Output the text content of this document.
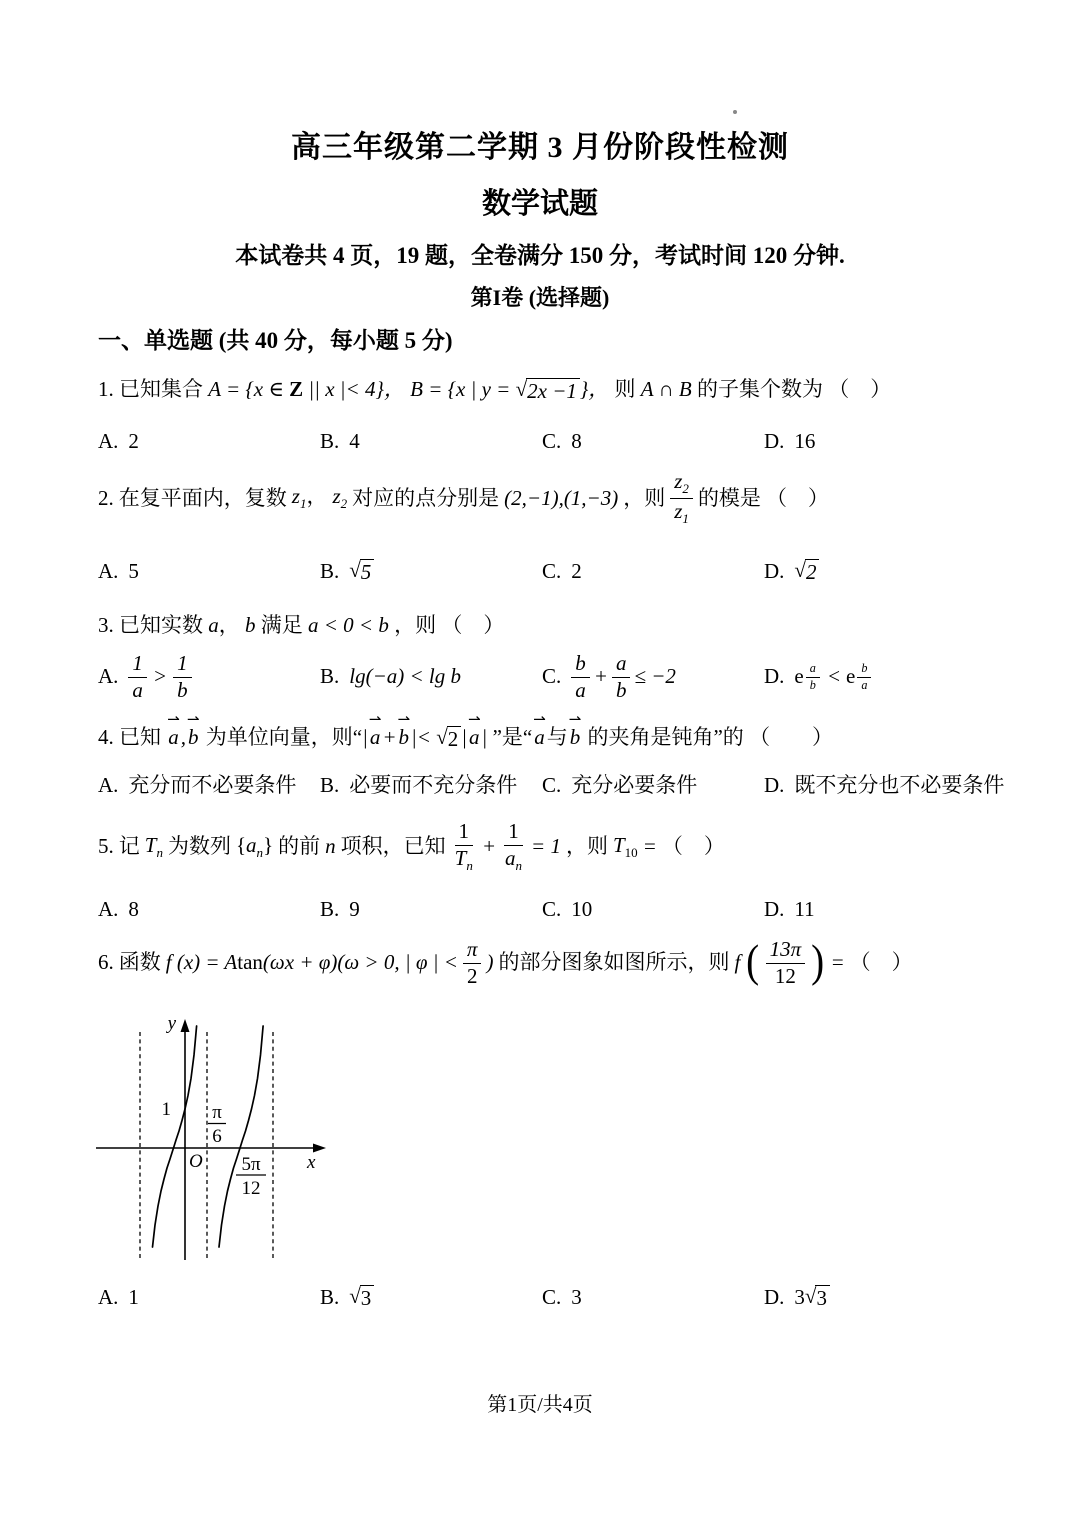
高三年级第二学期 3 月份阶段性检测
数学试题
本试卷共 4 页，19 题，全卷满分 150 分，考试时间 120 分钟.
第I卷 (选择题)
一、单选题 (共 40 分，每小题 5 分)
1. 已知集合 A = {x ∈ Z || x |< 4}， B = {x | y = √ 2x −1 }， 则 A ∩ B 的子集个数为 （　）
A. 2	B. 4	C. 8	D. 16
2. 在复平面内，复数 $z_1$， $z_2$ 对应的点分别是 (2,−1),(1,−3) ，则 $\frac{z_2}{z_1}$ 的模是 （　）
A. 5	B. √ 5	C. 2	D. √ 2
3. 已知实数 a， b 满足 a < 0 < b ，则 （　）
A. $\frac{1}{a} > \frac{1}{b}$	B. lg(−a) < lg b	C. $\frac{b}{a} + \frac{a}{b} \le -2$	D. e $\frac{a}{b} < e \frac{b}{a}$
4. 已知
⇀
a,
⇀
b 为单位向量，则“|
⇀
a+
⇀
b|< √ 2 |
⇀
a| ”是“
⇀
a与
⇀
b 的夹角是钝角”的 （　　）
A. 充分而不必要条件 B. 必要而不充分条件 C. 充分必要条件	D. 既不充分也不必要条件
5. 记 $T_n$ 为数列 $\{a_n\}$ 的前 n 项积，已知 $\frac{1}{T_n} + \frac{1}{a_n} = 1$ ，则 $T_{10}$ = （　）
A. 8	B. 9	C. 10	D. 11
6. 函数 f (x) = Atan(ωx + φ)(ω > 0, | φ | < $\frac{\pi}{2}$ ) 的部分图象如图所示，则 f ( $\frac{13\pi}{12}$ ) = （　）
y
1 π
6
O 5π
12
x
A. 1	B. √ 3	C. 3	D. 3 √ 3
第1页/共4页
